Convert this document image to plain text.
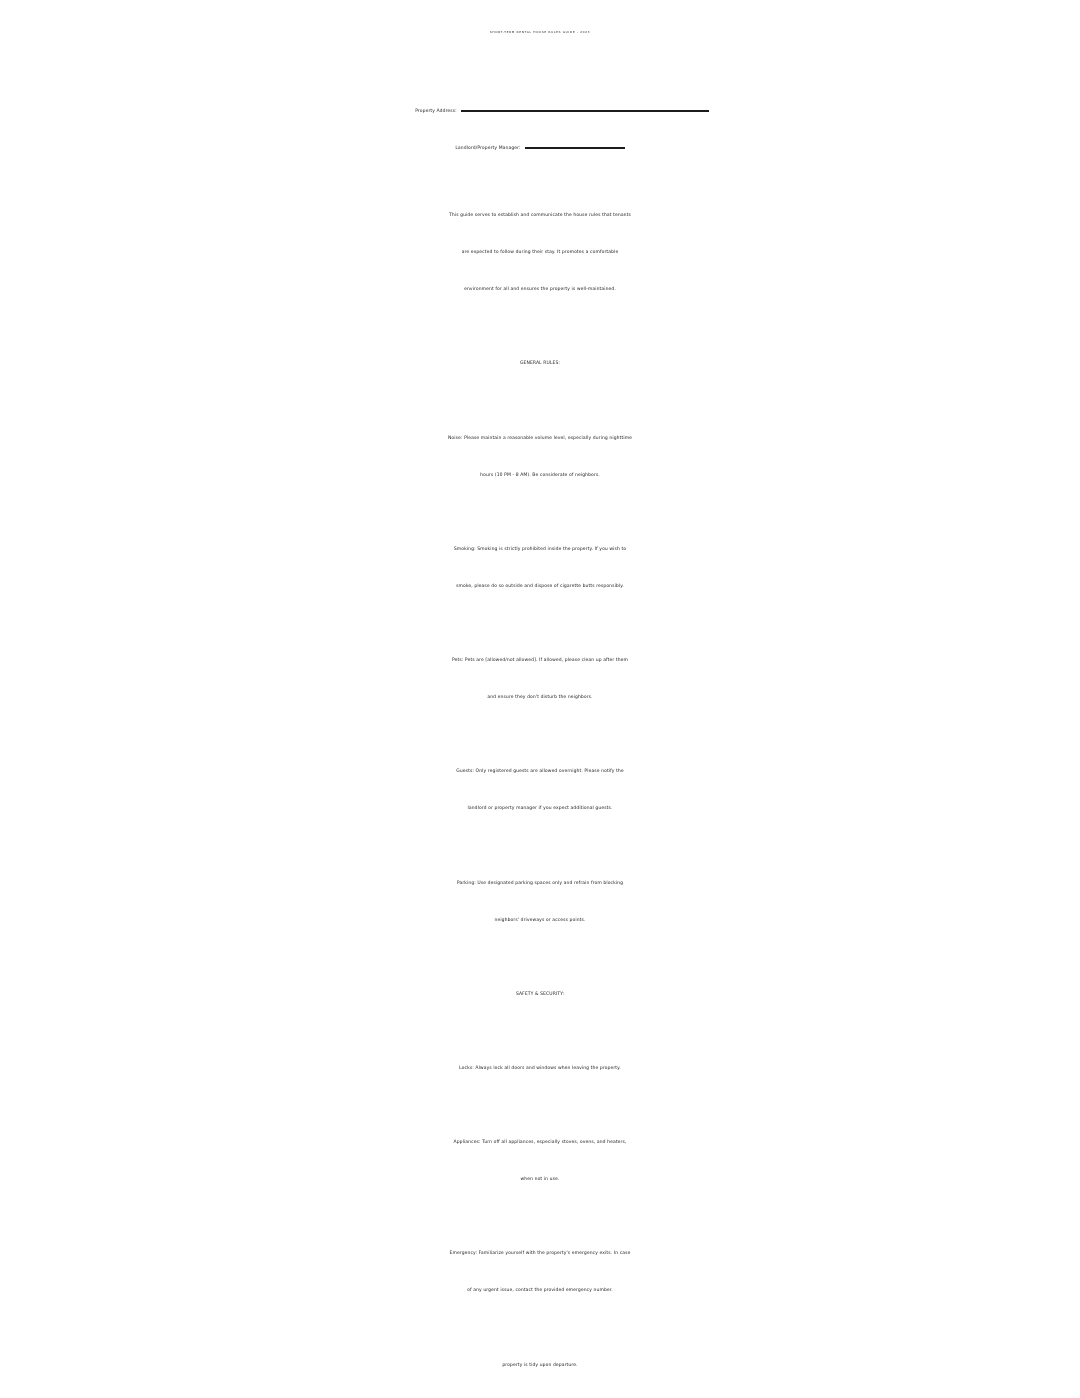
SHORT-TERM RENTAL HOUSE RULES GUIDE - 2023
Property Address:
Landlord/Property Manager:
This guide serves to establish and communicate the house rules that tenants
are expected to follow during their stay. It promotes a comfortable
environment for all and ensures the property is well-maintained.
GENERAL RULES:
Noise: Please maintain a reasonable volume level, especially during nighttime
hours (10 PM - 8 AM). Be considerate of neighbors.
Smoking: Smoking is strictly prohibited inside the property. If you wish to
smoke, please do so outside and dispose of cigarette butts responsibly.
Pets: Pets are [allowed/not allowed]. If allowed, please clean up after them
and ensure they don't disturb the neighbors.
Guests: Only registered guests are allowed overnight. Please notify the
landlord or property manager if you expect additional guests.
Parking: Use designated parking spaces only and refrain from blocking
neighbors' driveways or access points.
SAFETY & SECURITY:
Locks: Always lock all doors and windows when leaving the property.
Appliances: Turn off all appliances, especially stoves, ovens, and heaters,
when not in use.
Emergency: Familiarize yourself with the property's emergency exits. In case
of any urgent issue, contact the provided emergency number.
property is tidy upon departure.
